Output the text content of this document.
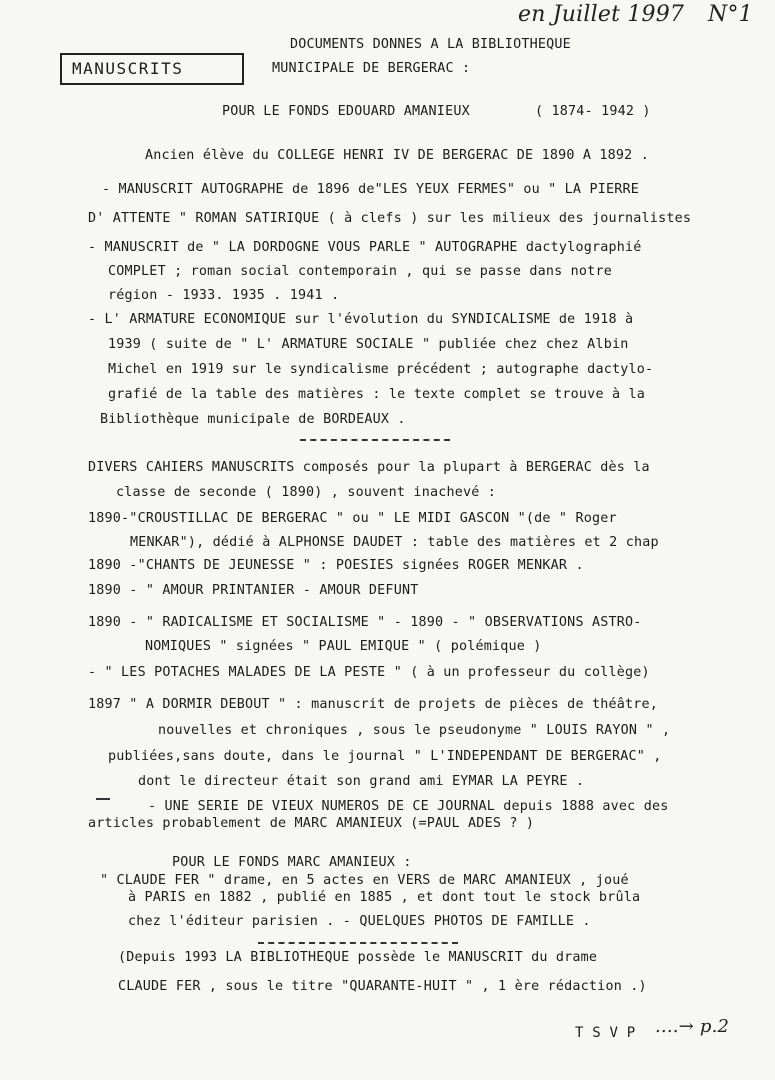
en Juillet 1997 N°1
MANUSCRITS
DOCUMENTS DONNES A LA BIBLIOTHEQUE
MUNICIPALE DE BERGERAC :
POUR LE FONDS EDOUARD AMANIEUX	( 1874- 1942 )
Ancien élève du COLLEGE HENRI IV DE BERGERAC DE 1890 A 1892 .
- MANUSCRIT AUTOGRAPHE de 1896 de"LES YEUX FERMES" ou " LA PIERRE
D' ATTENTE " ROMAN SATIRIQUE ( à clefs ) sur les milieux des journalistes
- MANUSCRIT de " LA DORDOGNE VOUS PARLE " AUTOGRAPHE dactylographié
COMPLET ; roman social contemporain , qui se passe dans notre
région - 1933. 1935 . 1941 .
- L' ARMATURE ECONOMIQUE sur l'évolution du SYNDICALISME de 1918 à
1939 ( suite de " L' ARMATURE SOCIALE " publiée chez chez Albin
Michel en 1919 sur le syndicalisme précédent ; autographe dactylo-
grafié de la table des matières : le texte complet se trouve à la
Bibliothèque municipale de BORDEAUX .
DIVERS CAHIERS MANUSCRITS composés pour la plupart à BERGERAC dès la
classe de seconde ( 1890) , souvent inachevé :
1890-"CROUSTILLAC DE BERGERAC " ou " LE MIDI GASCON "(de " Roger
MENKAR"), dédié à ALPHONSE DAUDET : table des matières et 2 chap
1890 -"CHANTS DE JEUNESSE " : POESIES signées ROGER MENKAR .
1890 - " AMOUR PRINTANIER - AMOUR DEFUNT
1890 - " RADICALISME ET SOCIALISME " - 1890 - " OBSERVATIONS ASTRO-
NOMIQUES " signées " PAUL EMIQUE " ( polémique )
- " LES POTACHES MALADES DE LA PESTE " ( à un professeur du collège)
1897 " A DORMIR DEBOUT " : manuscrit de projets de pièces de théâtre,
nouvelles et chroniques , sous le pseudonyme " LOUIS RAYON " ,
publiées,sans doute, dans le journal " L'INDEPENDANT DE BERGERAC" ,
dont le directeur était son grand ami EYMAR LA PEYRE .
- UNE SERIE DE VIEUX NUMEROS DE CE JOURNAL depuis 1888 avec des
articles probablement de MARC AMANIEUX (=PAUL ADES ? )
POUR LE FONDS MARC AMANIEUX :
" CLAUDE FER " drame, en 5 actes en VERS de MARC AMANIEUX , joué
à PARIS en 1882 , publié en 1885 , et dont tout le stock brûla
chez l'éditeur parisien . - QUELQUES PHOTOS DE FAMILLE .
(Depuis 1993 LA BIBLIOTHEQUE possède le MANUSCRIT du drame
CLAUDE FER , sous le titre "QUARANTE-HUIT " , 1 ère rédaction .)
T S V P ....→ p.2
